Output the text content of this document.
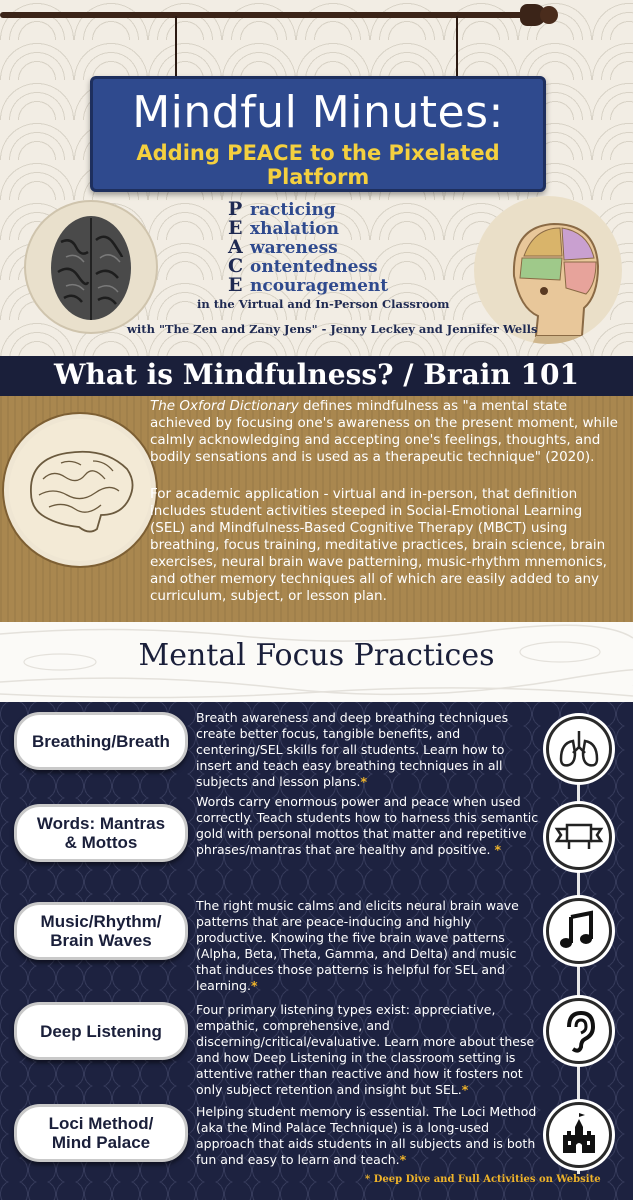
Mindful Minutes:
Adding PEACE to the Pixelated Platform
P racticing
E xhalation
A wareness
C ontentedness
E ncouragement
in the Virtual and In-Person Classroom
with "The Zen and Zany Jens" - Jenny Leckey and Jennifer Wells
What is Mindfulness? / Brain 101
The Oxford Dictionary defines mindfulness as "a mental state achieved by focusing one's awareness on the present moment, while calmly acknowledging and accepting one's feelings, thoughts, and bodily sensations and is used as a therapeutic technique" (2020).
For academic application - virtual and in-person, that definition includes student activities steeped in Social-Emotional Learning (SEL) and Mindfulness-Based Cognitive Therapy (MBCT) using breathing, focus training, meditative practices, brain science, brain exercises, neural brain wave patterning, music-rhythm mnemonics, and other memory techniques all of which are easily added to any curriculum, subject, or lesson plan.
Mental Focus Practices
Breathing/Breath
Breath awareness and deep breathing techniques create better focus, tangible benefits, and centering/SEL skills for all students. Learn how to insert and teach easy breathing techniques in all subjects and lesson plans.*
Words: Mantras
& Mottos
Words carry enormous power and peace when used correctly. Teach students how to harness this semantic gold with personal mottos that matter and repetitive phrases/mantras that are healthy and positive. *
Music/Rhythm/
Brain Waves
The right music calms and elicits neural brain wave patterns that are peace-inducing and highly productive. Knowing the five brain wave patterns (Alpha, Beta, Theta, Gamma, and Delta) and music that induces those patterns is helpful for SEL and learning.*
Deep Listening
Four primary listening types exist: appreciative, empathic, comprehensive, and discerning/critical/evaluative. Learn more about these and how Deep Listening in the classroom setting is attentive rather than reactive and how it fosters not only subject retention and insight but SEL.*
Loci Method/
Mind Palace
Helping student memory is essential. The Loci Method (aka the Mind Palace Technique) is a long-used approach that aids students in all subjects and is both fun and easy to learn and teach.*
* Deep Dive and Full Activities on Website
